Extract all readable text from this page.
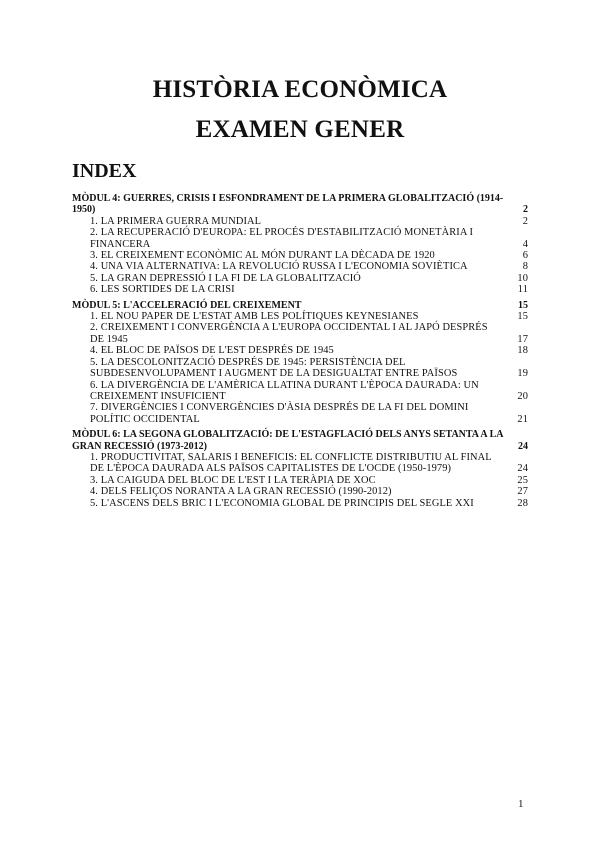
HISTÒRIA ECONÒMICA
EXAMEN GENER
INDEX
MÒDUL 4: GUERRES, CRISIS I ESFONDRAMENT DE LA PRIMERA GLOBALITZACIÓ (1914-1950)	2
1. LA PRIMERA GUERRA MUNDIAL	2
2. LA RECUPERACIÓ D'EUROPA: EL PROCÉS D'ESTABILITZACIÓ MONETÀRIA I FINANCERA	4
3. EL CREIXEMENT ECONÒMIC AL MÓN DURANT LA DÈCADA DE 1920	6
4. UNA VIA ALTERNATIVA: LA REVOLUCIÓ RUSSA I L'ECONOMIA SOVIÈTICA	8
5. LA GRAN DEPRESSIÓ I LA FI DE LA GLOBALITZACIÓ	10
6. LES SORTIDES DE LA CRISI	11
MÒDUL 5: L'ACCELERACIÓ DEL CREIXEMENT	15
1. EL NOU PAPER DE L'ESTAT AMB LES POLÍTIQUES KEYNESIANES	15
2. CREIXEMENT I CONVERGÈNCIA A L'EUROPA OCCIDENTAL I AL JAPÓ DESPRÉS DE 1945	17
4. EL BLOC DE PAÏSOS DE L'EST DESPRÉS DE 1945	18
5. LA DESCOLONITZACIÓ DESPRÉS DE 1945: PERSISTÈNCIA DEL SUBDESENVOLUPAMENT I AUGMENT DE LA DESIGUALTAT ENTRE PAÏSOS	19
6. LA DIVERGÈNCIA DE L'AMÈRICA LLATINA DURANT L'ÈPOCA DAURADA: UN CREIXEMENT INSUFICIENT	20
7. DIVERGÈNCIES I CONVERGÈNCIES D'ÀSIA DESPRÉS DE LA FI DEL DOMINI POLÍTIC OCCIDENTAL	21
MÒDUL 6: LA SEGONA GLOBALITZACIÓ: DE L'ESTAGFLACIÓ DELS ANYS SETANTA A LA GRAN RECESSIÓ (1973-2012)	24
1. PRODUCTIVITAT, SALARIS I BENEFICIS: EL CONFLICTE DISTRIBUTIU AL FINAL DE L'ÈPOCA DAURADA ALS PAÏSOS CAPITALISTES DE L'OCDE (1950-1979)	24
3. LA CAIGUDA DEL BLOC DE L'EST I LA TERÀPIA DE XOC	25
4. DELS FELIÇOS NORANTA A LA GRAN RECESSIÓ (1990-2012)	27
5. L'ASCENS DELS BRIC I L'ECONOMIA GLOBAL DE PRINCIPIS DEL SEGLE XXI	28
1
